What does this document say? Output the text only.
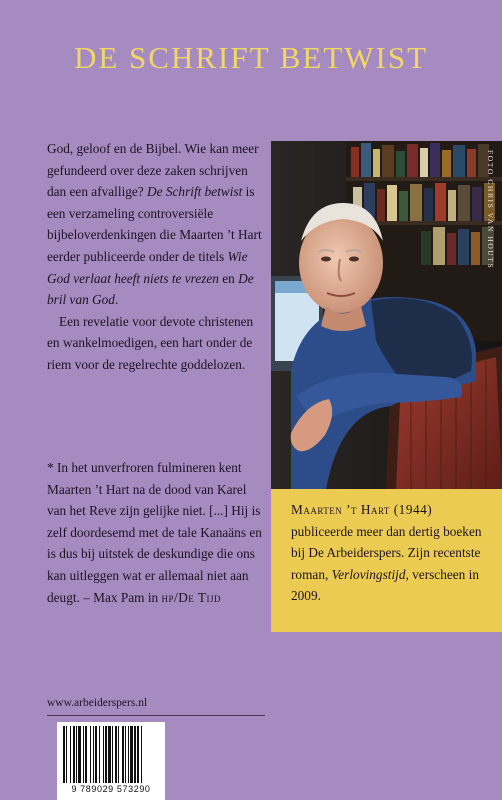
DE SCHRIFT BETWIST

God, geloof en de Bijbel. Wie kan meer gefundeerd over deze zaken schrijven dan een afvallige? De Schrift betwist is een verzameling controversiële bijbeloverdenkingen die Maarten ’t Hart eerder publiceerde onder de titels Wie God verlaat heeft niets te vrezen en De bril van God.

Een revelatie voor devote christenen en wankelmoedigen, een hart onder de riem voor de regelrechte goddelozen.

* In het unverfroren fulmineren kent Maarten ’t Hart na de dood van Karel van het Reve zijn gelijke niet. [...] Hij is zelf doordesemd met de tale Kanaäns en is dus bij uitstek de deskundige die ons kan uitleggen wat er allemaal niet aan deugt. – Max Pam in hp/De Tijd

FOTO CHRIS VAN HOUTS

Maarten ’t Hart (1944) publiceerde meer dan dertig boeken bij De Arbeiderspers. Zijn recentste roman, Verlovingstijd, verscheen in 2009.

www.arbeiderspers.nl
9 789029 573290
